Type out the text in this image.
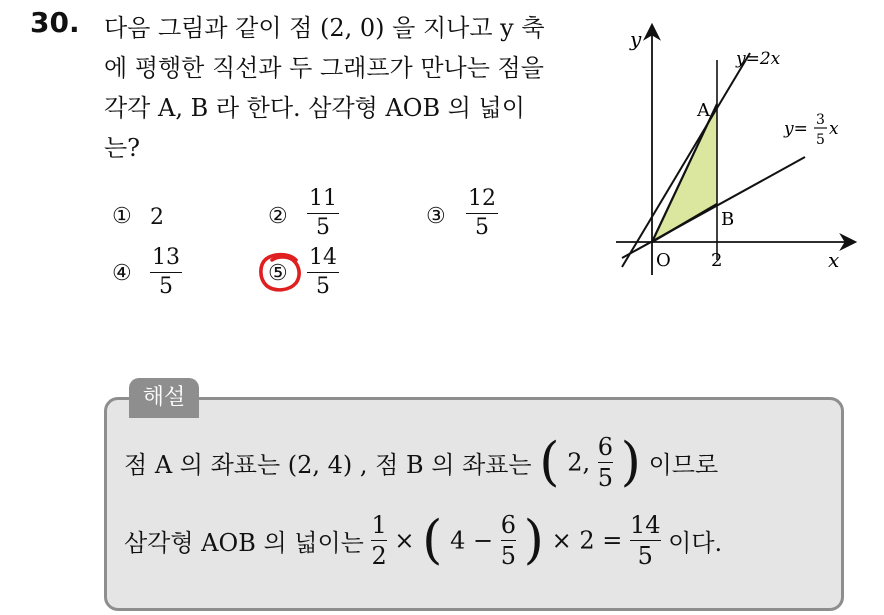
30. 다음 그림과 같이 점 (2, 0) 을 지나고 y 축
에 평행한 직선과 두 그래프가 만나는 점을
각각 A, B 라 한다. 삼각형 AOB 의 넓이
는?
① 2	②
11
5	③
12
5
④
13
5
⑤
14
5
y
x
O 2
A
B
y=2x
y= 3
5
x
해설
점 A 의 좌표는 (2, 4) , 점 B 의 좌표는 ( 2, $\frac{6}{5}$ ) 이므로
삼각형 AOB 의 넓이는 $\frac{1}{2}$ × ( $4 - \frac{6}{5}$ ) × $2 = \frac{14}{5}$ 이다.
